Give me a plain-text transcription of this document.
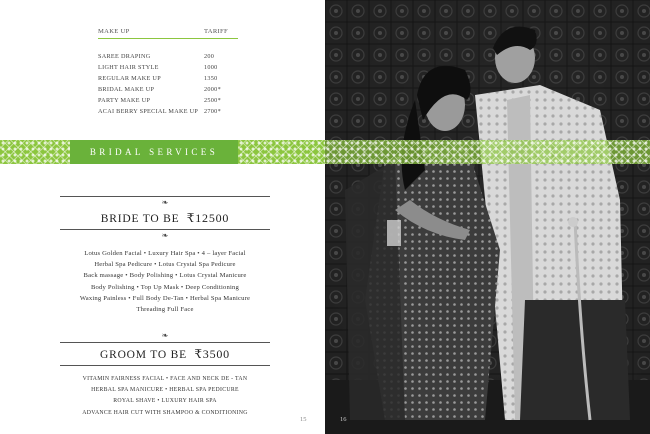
MAKE UP	TARIFF
SAREE DRAPING	200
LIGHT HAIR STYLE	1000
REGULAR MAKE UP	1350
BRIDAL MAKE UP	2000*
PARTY MAKE UP	2500*
ACAI BERRY SPECIAL MAKE UP 2700*
❧
BRIDE TO BE ₹12500
❧
Lotus Golden Facial • Luxury Hair Spa • 4 – layer Facial
Herbal Spa Pedicure • Lotus Crystal Spa Pedicure
Back massage • Body Polishing • Lotus Crystal Manicure
Body Polishing • Top Up Mask • Deep Conditioning
Waxing Painless • Full Body De-Tan • Herbal Spa Manicure
Threading Full Face
❧
GROOM TO BE ₹3500
VITAMIN FAIRNESS FACIAL • FACE AND NECK DE - TAN
HERBAL SPA MANICURE • HERBAL SPA PEDICURE
ROYAL SHAVE • LUXURY HAIR SPA
ADVANCE HAIR CUT WITH SHAMPOO & CONDITIONING
15	16
BRIDAL SERVICES
